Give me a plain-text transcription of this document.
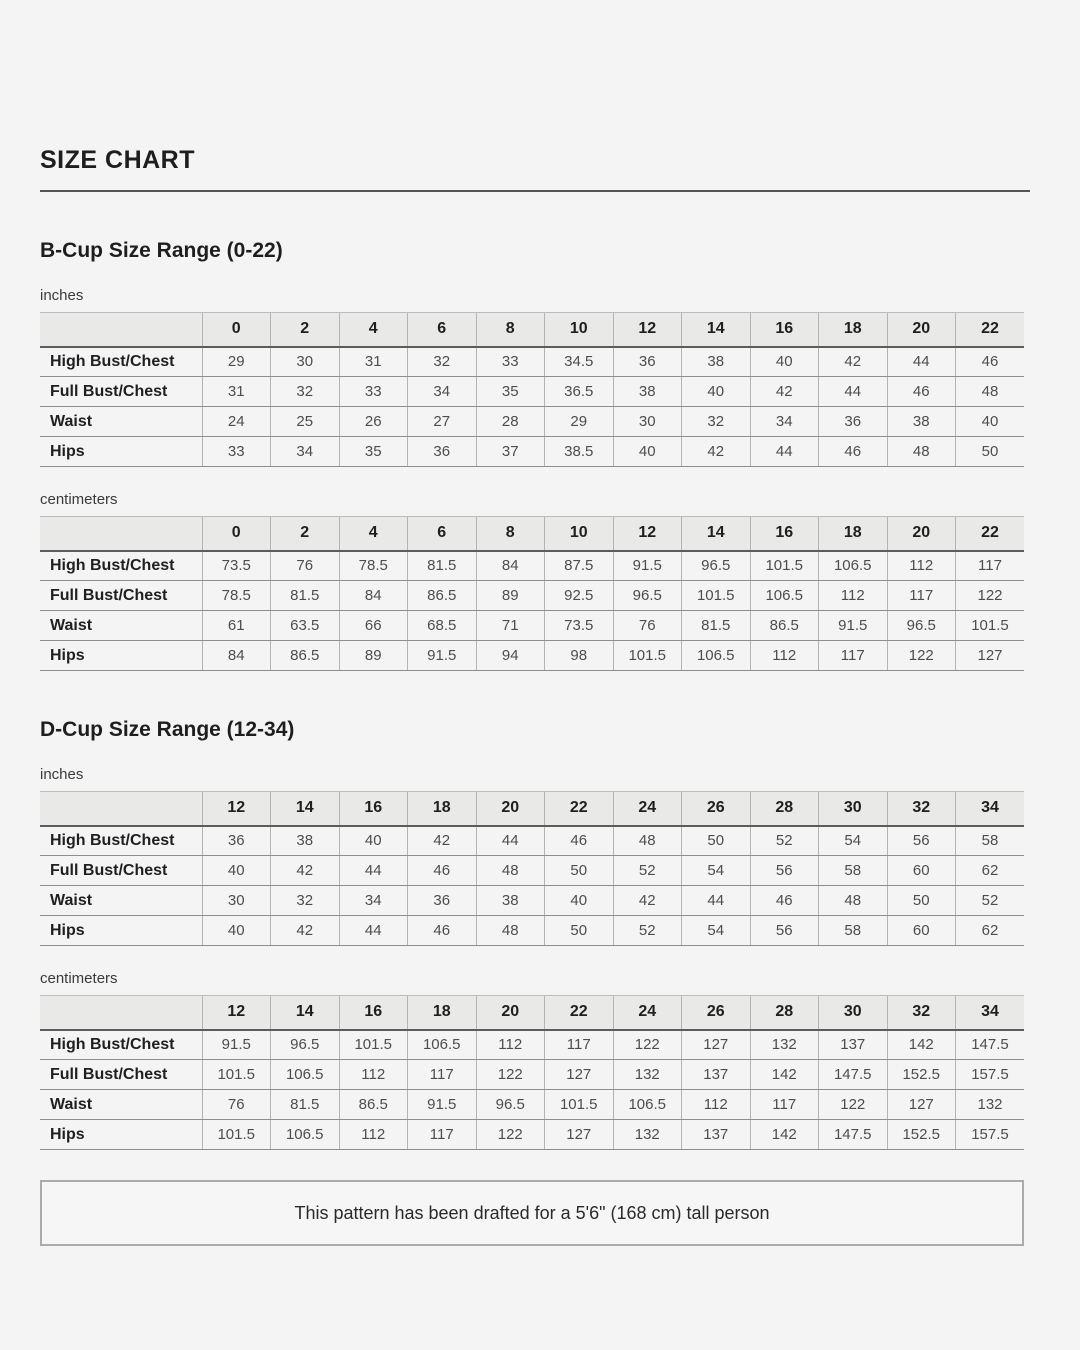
SIZE CHART
B-Cup Size Range (0-22)
inches
	0	2	4	6	8	10	12	14	16	18	20	22
High Bust/Chest	29	30	31	32	33	34.5	36	38	40	42	44	46
Full Bust/Chest	31	32	33	34	35	36.5	38	40	42	44	46	48
Waist	24	25	26	27	28	29	30	32	34	36	38	40
Hips	33	34	35	36	37	38.5	40	42	44	46	48	50
centimeters
	0	2	4	6	8	10	12	14	16	18	20	22
High Bust/Chest	73.5	76	78.5	81.5	84	87.5	91.5	96.5	101.5	106.5	112	117
Full Bust/Chest	78.5	81.5	84	86.5	89	92.5	96.5	101.5	106.5	112	117	122
Waist	61	63.5	66	68.5	71	73.5	76	81.5	86.5	91.5	96.5	101.5
Hips	84	86.5	89	91.5	94	98	101.5	106.5	112	117	122	127
D-Cup Size Range (12-34)
inches
	12	14	16	18	20	22	24	26	28	30	32	34
High Bust/Chest	36	38	40	42	44	46	48	50	52	54	56	58
Full Bust/Chest	40	42	44	46	48	50	52	54	56	58	60	62
Waist	30	32	34	36	38	40	42	44	46	48	50	52
Hips	40	42	44	46	48	50	52	54	56	58	60	62
centimeters
	12	14	16	18	20	22	24	26	28	30	32	34
High Bust/Chest	91.5	96.5	101.5	106.5	112	117	122	127	132	137	142	147.5
Full Bust/Chest	101.5	106.5	112	117	122	127	132	137	142	147.5	152.5	157.5
Waist	76	81.5	86.5	91.5	96.5	101.5	106.5	112	117	122	127	132
Hips	101.5	106.5	112	117	122	127	132	137	142	147.5	152.5	157.5
This pattern has been drafted for a 5'6" (168 cm) tall person
